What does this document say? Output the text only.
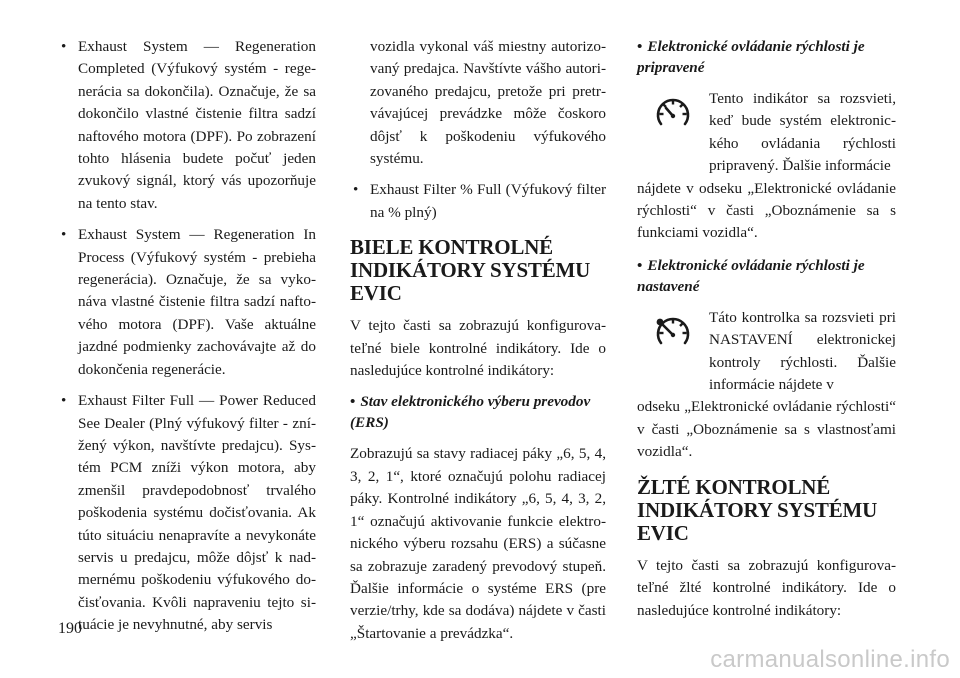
• Exhaust System — Regeneration Completed (Výfukový systém - regenerácia sa dokončila). Označuje, že sa dokončilo vlastné čistenie filtra sadzí naftového motora (DPF). Po zobrazení tohto hlásenia budete počuť jeden zvukový signál, ktorý vás upozorňuje na tento stav.
• Exhaust System — Regeneration In Process (Výfukový systém - prebieha regenerácia). Označuje, že sa vykonáva vlastné čistenie filtra sadzí naftového motora (DPF). Vaše aktuálne jazdné podmienky zachovávajte až do dokončenia regenerácie.
• Exhaust Filter Full — Power Reduced See Dealer (Plný výfukový filter - znížený výkon, navštívte predajcu). Systém PCM zníži výkon motora, aby zmenšil pravdepodobnosť trvalého poškodenia systému dočisťovania. Ak túto situáciu nenapravíte a nevykonáte servis u predajcu, môže dôjsť k nadmernému poškodeniu výfukového dočisťovania. Kvôli napraveniu tejto situácie je nevyhnutné, aby servis
vozidla vykonal váš miestny autorizovaný predajca. Navštívte vášho autorizovaného predajcu, pretože pri pretrvávajúcej prevádzke môže čoskoro dôjsť k poškodeniu výfukového systému.
• Exhaust Filter % Full (Výfukový filter na % plný)
BIELE KONTROLNÉ INDIKÁTORY SYSTÉMU EVIC

V tejto časti sa zobrazujú konfigurovateľné biele kontrolné indikátory. Ide o nasledujúce kontrolné indikátory:

• Stav elektronického výberu prevodov (ERS)

Zobrazujú sa stavy radiacej páky „6, 5, 4, 3, 2, 1“, ktoré označujú polohu radiacej páky. Kontrolné indikátory „6, 5, 4, 3, 2, 1“ označujú aktivovanie funkcie elektronického výberu rozsahu (ERS) a súčasne sa zobrazuje zaradený prevodový stupeň. Ďalšie informácie o systéme ERS (pre verzie/trhy, kde sa dodáva) nájdete v časti „Štartovanie a prevádzka“.

• Elektronické ovládanie rýchlosti je pripravené
Tento indikátor sa rozsvieti, keď bude systém elektronického ovládania rýchlosti pripravený. Ďalšie informácie
nájdete v odseku „Elektronické ovládanie rýchlosti“ v časti „Oboznámenie sa s funkciami vozidla“.
• Elektronické ovládanie rýchlosti je nastavené
Táto kontrolka sa rozsvieti pri NASTAVENÍ elektronickej kontroly rýchlosti. Ďalšie informácie nájdete v
odseku „Elektronické ovládanie rýchlosti“ v časti „Oboznámenie sa s vlastnosťami vozidla“.
ŽLTÉ KONTROLNÉ INDIKÁTORY SYSTÉMU EVIC

V tejto časti sa zobrazujú konfigurovateľné žlté kontrolné indikátory. Ide o nasledujúce kontrolné indikátory:

190
carmanualsonline.info
